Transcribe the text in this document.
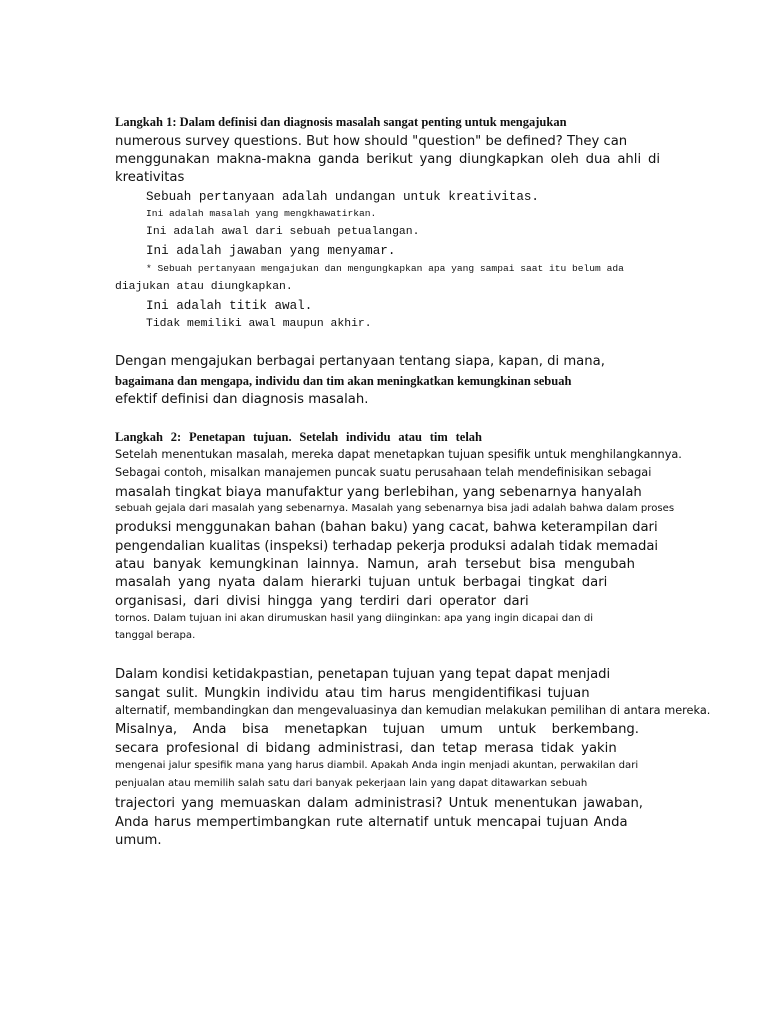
Langkah 1: Dalam definisi dan diagnosis masalah sangat penting untuk mengajukan
numerous survey questions. But how should "question" be defined? They can
menggunakan makna-makna ganda berikut yang diungkapkan oleh dua ahli di
kreativitas
Sebuah pertanyaan adalah undangan untuk kreativitas.
Ini adalah masalah yang mengkhawatirkan.
Ini adalah awal dari sebuah petualangan.
Ini adalah jawaban yang menyamar.
* Sebuah pertanyaan mengajukan dan mengungkapkan apa yang sampai saat itu belum ada
diajukan atau diungkapkan.
Ini adalah titik awal.
Tidak memiliki awal maupun akhir.
Dengan mengajukan berbagai pertanyaan tentang siapa, kapan, di mana,
bagaimana dan mengapa, individu dan tim akan meningkatkan kemungkinan sebuah
efektif definisi dan diagnosis masalah.
Langkah 2: Penetapan tujuan. Setelah individu atau tim telah
Setelah menentukan masalah, mereka dapat menetapkan tujuan spesifik untuk menghilangkannya.
Sebagai contoh, misalkan manajemen puncak suatu perusahaan telah mendefinisikan sebagai
masalah tingkat biaya manufaktur yang berlebihan, yang sebenarnya hanyalah
sebuah gejala dari masalah yang sebenarnya. Masalah yang sebenarnya bisa jadi adalah bahwa dalam proses
produksi menggunakan bahan (bahan baku) yang cacat, bahwa keterampilan dari
pengendalian kualitas (inspeksi) terhadap pekerja produksi adalah tidak memadai
atau banyak kemungkinan lainnya. Namun, arah tersebut bisa mengubah
masalah yang nyata dalam hierarki tujuan untuk berbagai tingkat dari
organisasi, dari divisi hingga yang terdiri dari operator dari
tornos. Dalam tujuan ini akan dirumuskan hasil yang diinginkan: apa yang ingin dicapai dan di
tanggal berapa.
Dalam kondisi ketidakpastian, penetapan tujuan yang tepat dapat menjadi
sangat sulit. Mungkin individu atau tim harus mengidentifikasi tujuan
alternatif, membandingkan dan mengevaluasinya dan kemudian melakukan pemilihan di antara mereka.
Misalnya, Anda bisa menetapkan tujuan umum untuk berkembang.
secara profesional di bidang administrasi, dan tetap merasa tidak yakin
mengenai jalur spesifik mana yang harus diambil. Apakah Anda ingin menjadi akuntan, perwakilan dari
penjualan atau memilih salah satu dari banyak pekerjaan lain yang dapat ditawarkan sebuah
trajectori yang memuaskan dalam administrasi? Untuk menentukan jawaban,
Anda harus mempertimbangkan rute alternatif untuk mencapai tujuan Anda
umum.
